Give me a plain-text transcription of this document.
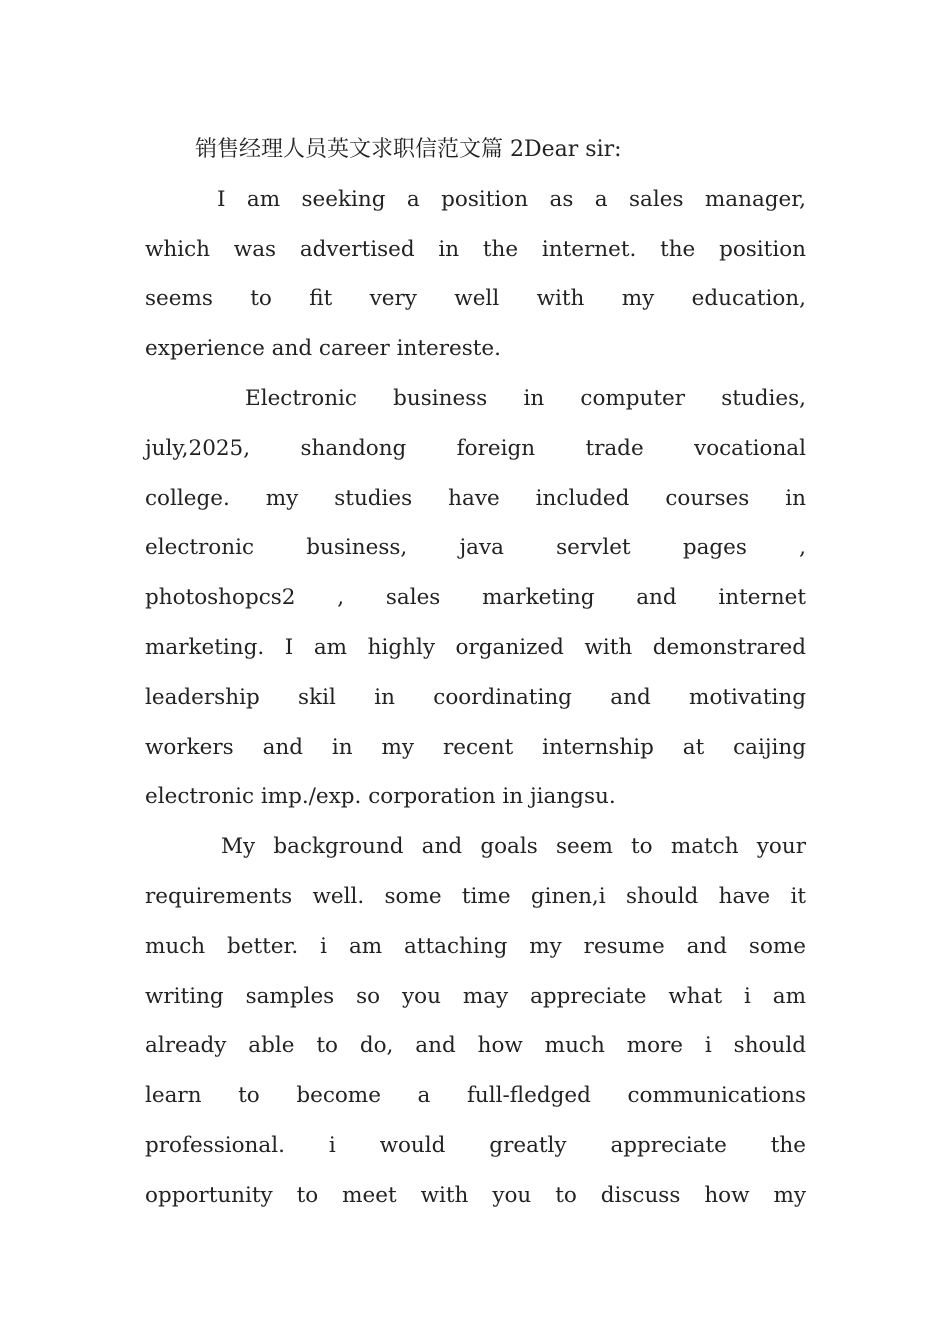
销售经理人员英文求职信范文篇 2Dear sir:
I am seeking a position as a sales manager,
which was advertised in the internet. the position
seems to fit very well with my education,
experience and career intereste.
Electronic business in computer studies,
july,2025, shandong foreign trade vocational
college. my studies have included courses in
electronic business, java servlet pages ,
photoshopcs2 , sales marketing and internet
marketing. I am highly organized with demonstrared
leadership skil in coordinating and motivating
workers and in my recent internship at caijing
electronic imp./exp. corporation in jiangsu.
My background and goals seem to match your
requirements well. some time ginen,i should have it
much better. i am attaching my resume and some
writing samples so you may appreciate what i am
already able to do, and how much more i should
learn to become a full-fledged communications
professional. i would greatly appreciate the
opportunity to meet with you to discuss how my
